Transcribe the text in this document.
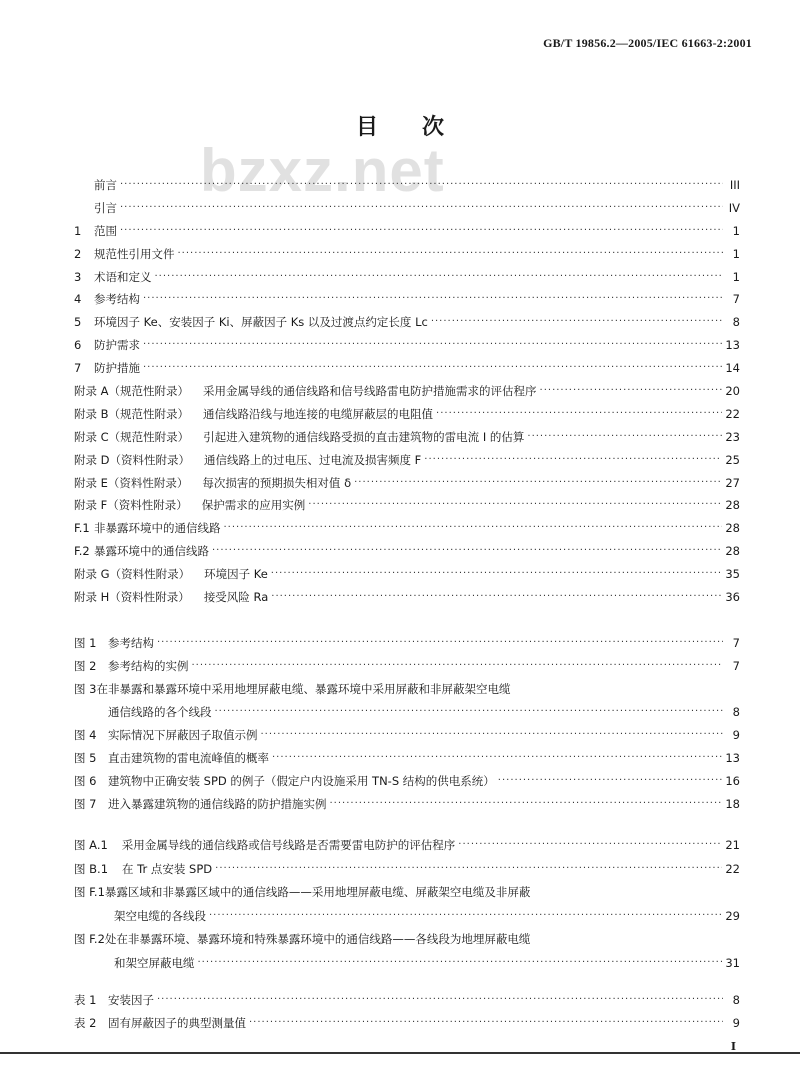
GB/T 19856.2—2005/IEC 61663-2:2001
bzxz.net
目次
前言 ·····	III
引言 ·····	IV
1	范围 ·····	1
2	规范性引用文件 ·····	1
3	术语和定义 ·····	1
4	参考结构 ·····	7
5	环境因子 Ke、安装因子 Ki、屏蔽因子 Ks 以及过渡点约定长度 Lc ·····	8
6	防护需求 ·····	13
7	防护措施 ·····	14
附录 A（规范性附录） 采用金属导线的通信线路和信号线路雷电防护措施需求的评估程序 ·····	20
附录 B（规范性附录） 通信线路沿线与地连接的电缆屏蔽层的电阻值 ·····	22
附录 C（规范性附录） 引起进入建筑物的通信线路受损的直击建筑物的雷电流 I 的估算 ·····	23
附录 D（资料性附录） 通信线路上的过电压、过电流及损害频度 F ·····	25
附录 E（资料性附录） 每次损害的预期损失相对值 δ ·····	27
附录 F（资料性附录） 保护需求的应用实例 ·····	28
F.1 非暴露环境中的通信线路 ·····	28
F.2 暴露环境中的通信线路 ·····	28
附录 G（资料性附录） 环境因子 Ke ·····	35
附录 H（资料性附录） 接受风险 Ra ·····	36
图 1	参考结构 ·····	7
图 2	参考结构的实例 ·····	7
图 3在非暴露和暴露环境中采用地埋屏蔽电缆、暴露环境中采用屏蔽和非屏蔽架空电缆
通信线路的各个线段 ·····	8
图 4	实际情况下屏蔽因子取值示例 ·····	9
图 5	直击建筑物的雷电流峰值的概率 ·····	13
图 6	建筑物中正确安装 SPD 的例子（假定户内设施采用 TN-S 结构的供电系统） ·····	16
图 7	进入暴露建筑物的通信线路的防护措施实例 ·····	18
图 A.1 采用金属导线的通信线路或信号线路是否需要雷电防护的评估程序 ·····	21
图 B.1 在 Tr 点安装 SPD ·····	22
图 F.1暴露区域和非暴露区域中的通信线路——采用地埋屏蔽电缆、屏蔽架空电缆及非屏蔽
架空电缆的各线段 ·····	29
图 F.2处在非暴露环境、暴露环境和特殊暴露环境中的通信线路——各线段为地埋屏蔽电缆
和架空屏蔽电缆 ·····	31
表 1	安装因子 ·····	8
表 2	固有屏蔽因子的典型测量值 ·····	9
I
